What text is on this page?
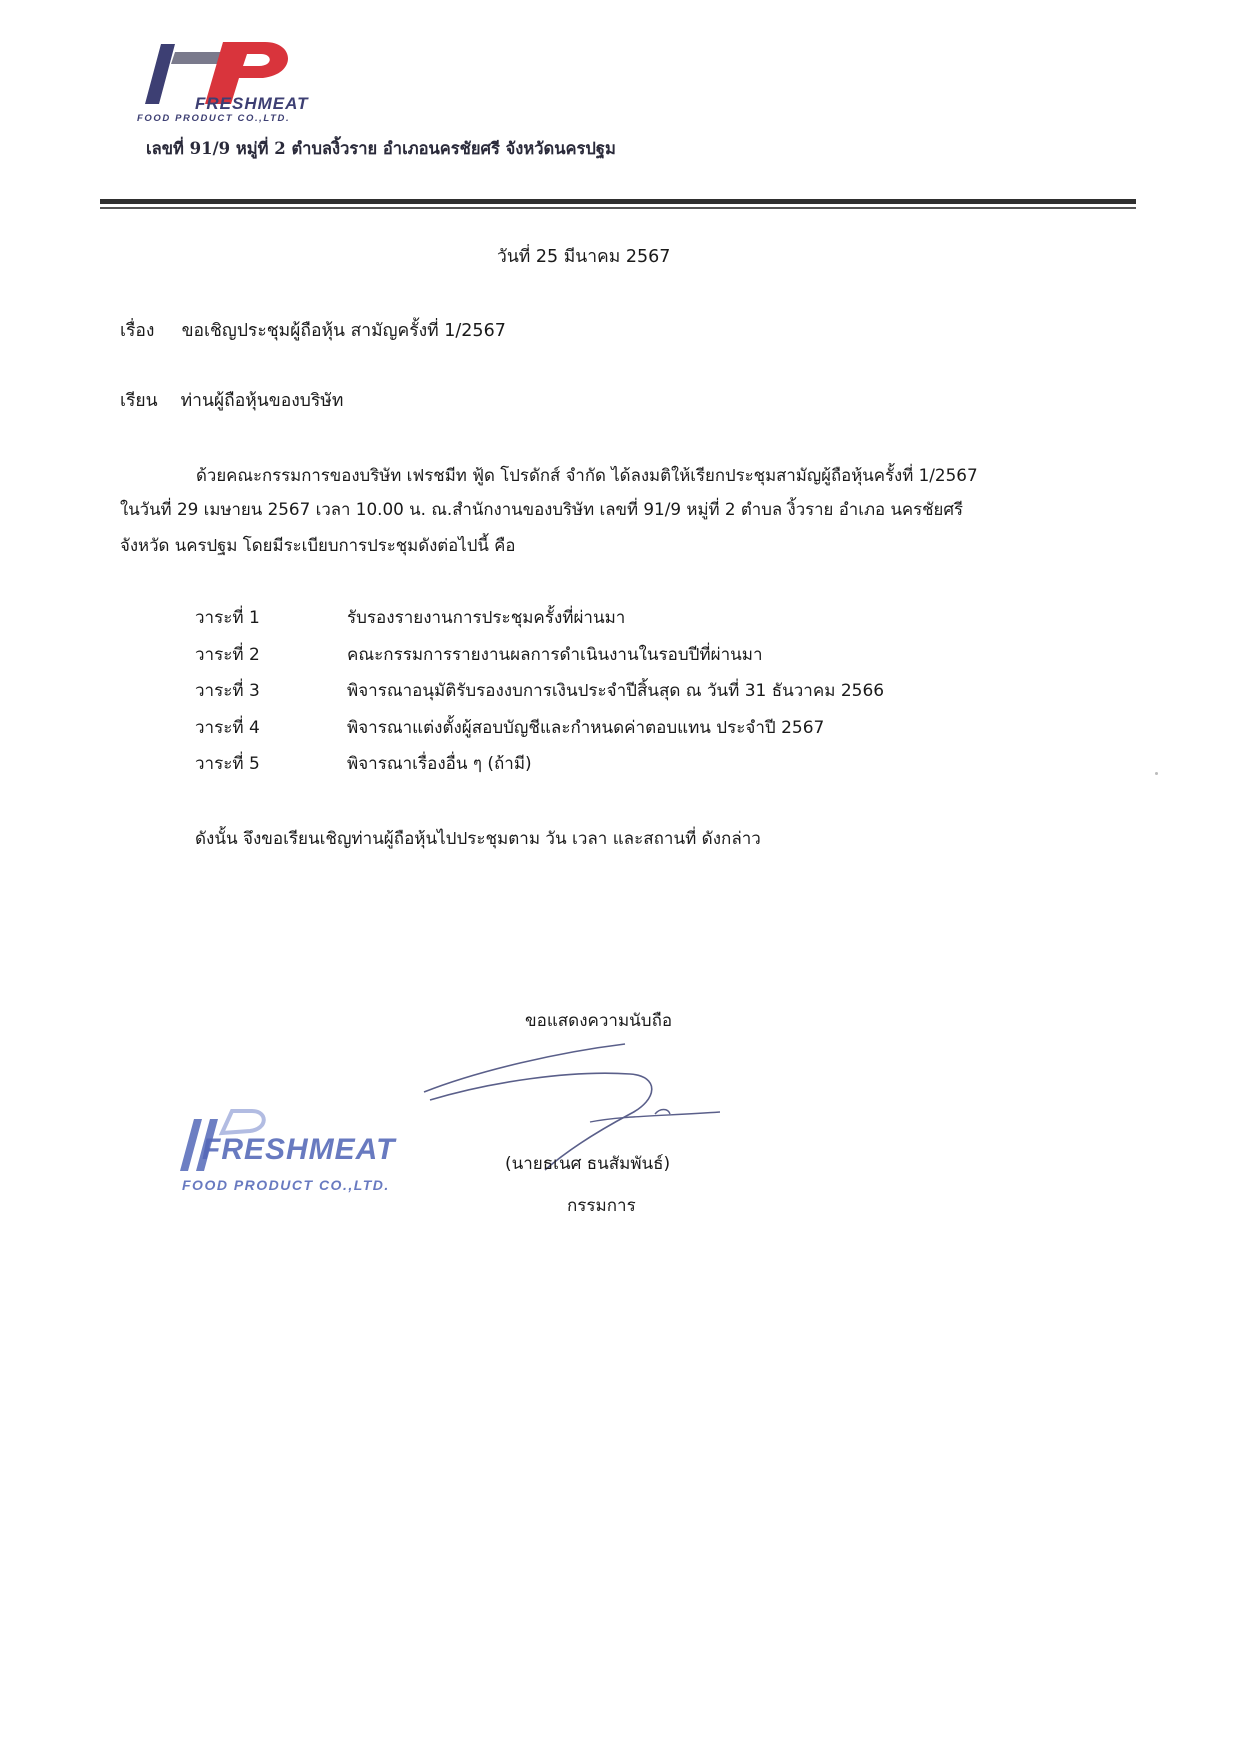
FRESHMEAT
FOOD PRODUCT CO.,LTD.
เลขที่ 91/9 หมู่ที่ 2 ตำบลงิ้วราย อำเภอนครชัยศรี จังหวัดนครปฐม
วันที่ 25 มีนาคม 2567
เรื่อง ขอเชิญประชุมผู้ถือหุ้น สามัญครั้งที่ 1/2567
เรียน ท่านผู้ถือหุ้นของบริษัท
ด้วยคณะกรรมการของบริษัท เฟรชมีท ฟู้ด โปรดักส์ จำกัด ได้ลงมติให้เรียกประชุมสามัญผู้ถือหุ้นครั้งที่ 1/2567
ในวันที่ 29 เมษายน 2567 เวลา 10.00 น. ณ.สำนักงานของบริษัท เลขที่ 91/9 หมู่ที่ 2 ตำบล งิ้วราย อำเภอ นครชัยศรี
จังหวัด นครปฐม โดยมีระเบียบการประชุมดังต่อไปนี้ คือ
วาระที่ 1	รับรองรายงานการประชุมครั้งที่ผ่านมา
วาระที่ 2	คณะกรรมการรายงานผลการดำเนินงานในรอบปีที่ผ่านมา
วาระที่ 3	พิจารณาอนุมัติรับรองงบการเงินประจำปีสิ้นสุด ณ วันที่ 31 ธันวาคม 2566
วาระที่ 4	พิจารณาแต่งตั้งผู้สอบบัญชีและกำหนดค่าตอบแทน ประจำปี 2567
วาระที่ 5	พิจารณาเรื่องอื่น ๆ (ถ้ามี)
ดังนั้น จึงขอเรียนเชิญท่านผู้ถือหุ้นไปประชุมตาม วัน เวลา และสถานที่ ดังกล่าว
ขอแสดงความนับถือ
(นายธเนศ ธนสัมพันธ์)
กรรมการ
FRESHMEAT
FOOD PRODUCT CO.,LTD.
